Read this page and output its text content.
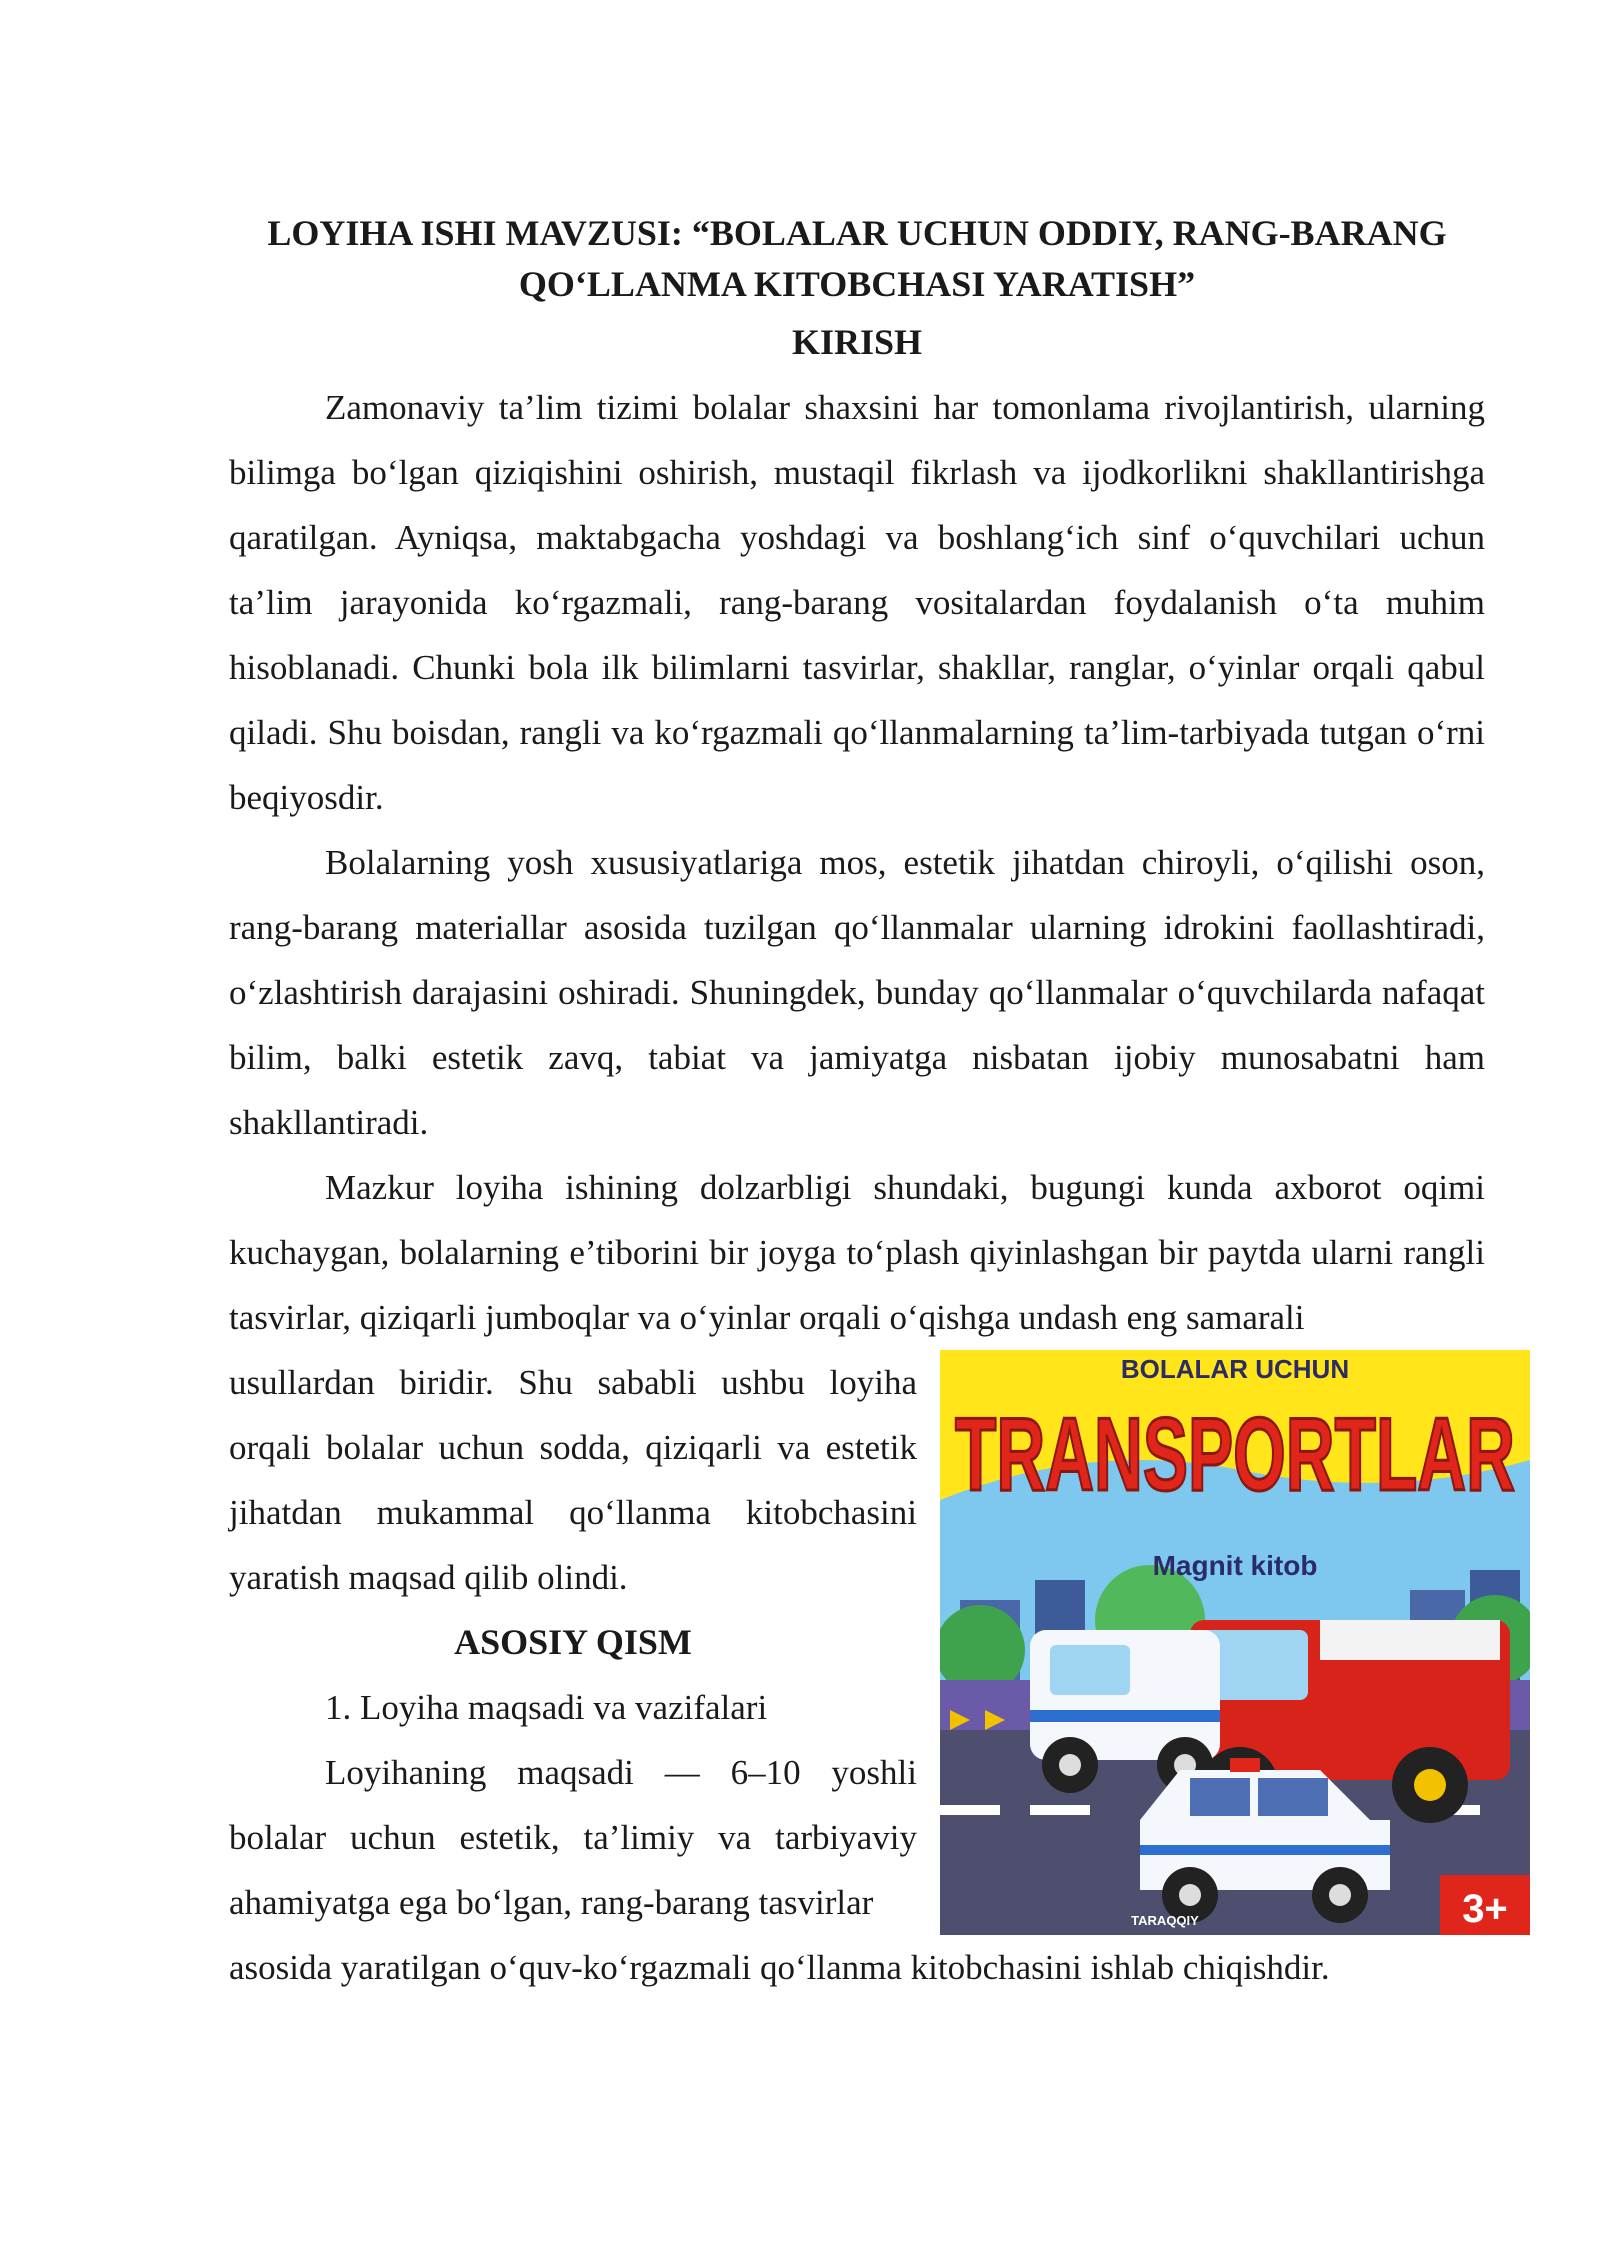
LOYIHA ISHI MAVZUSI: “BOLALAR UCHUN ODDIY, RANG-BARANG
QO‘LLANMA KITOBCHASI YARATISH”
KIRISH

Zamonaviy ta’lim tizimi bolalar shaxsini har tomonlama rivojlantirish, ularning bilimga bo‘lgan qiziqishini oshirish, mustaqil fikrlash va ijodkorlikni shakllantirishga qaratilgan. Ayniqsa, maktabgacha yoshdagi va boshlang‘ich sinf o‘quvchilari uchun ta’lim jarayonida ko‘rgazmali, rang-barang vositalardan foydalanish o‘ta muhim hisoblanadi. Chunki bola ilk bilimlarni tasvirlar, shakllar, ranglar, o‘yinlar orqali qabul qiladi. Shu boisdan, rangli va ko‘rgazmali qo‘llanmalarning ta’lim-tarbiyada tutgan o‘rni beqiyosdir.

Bolalarning yosh xususiyatlariga mos, estetik jihatdan chiroyli, o‘qilishi oson, rang-barang materiallar asosida tuzilgan qo‘llanmalar ularning idrokini faollashtiradi, o‘zlashtirish darajasini oshiradi. Shuningdek, bunday qo‘llanmalar o‘quvchilarda nafaqat bilim, balki estetik zavq, tabiat va jamiyatga nisbatan ijobiy munosabatni ham shakllantiradi.

Mazkur loyiha ishining dolzarbligi shundaki, bugungi kunda axborot oqimi kuchaygan, bolalarning e’tiborini bir joyga to‘plash qiyinlashgan bir paytda ularni rangli tasvirlar, qiziqarli jumboqlar va o‘yinlar orqali o‘qishga undash eng samarali

usullardan biridir. Shu sababli ushbu loyiha orqali bolalar uchun sodda, qiziqarli va estetik jihatdan mukammal qo‘llanma kitobchasini yaratish maqsad qilib olindi.

ASOSIY QISM
1. Loyiha maqsadi va vazifalari

Loyihaning maqsadi — 6–10 yoshli bolalar uchun estetik, ta’limiy va tarbiyaviy ahamiyatga ega bo‘lgan, rang-barang tasvirlar

BOLALAR UCHUN
TRANSPORTLAR
Magnit kitob
3+
TARAQQIY
asosida yaratilgan o‘quv-ko‘rgazmali qo‘llanma kitobchasini ishlab chiqishdir.
